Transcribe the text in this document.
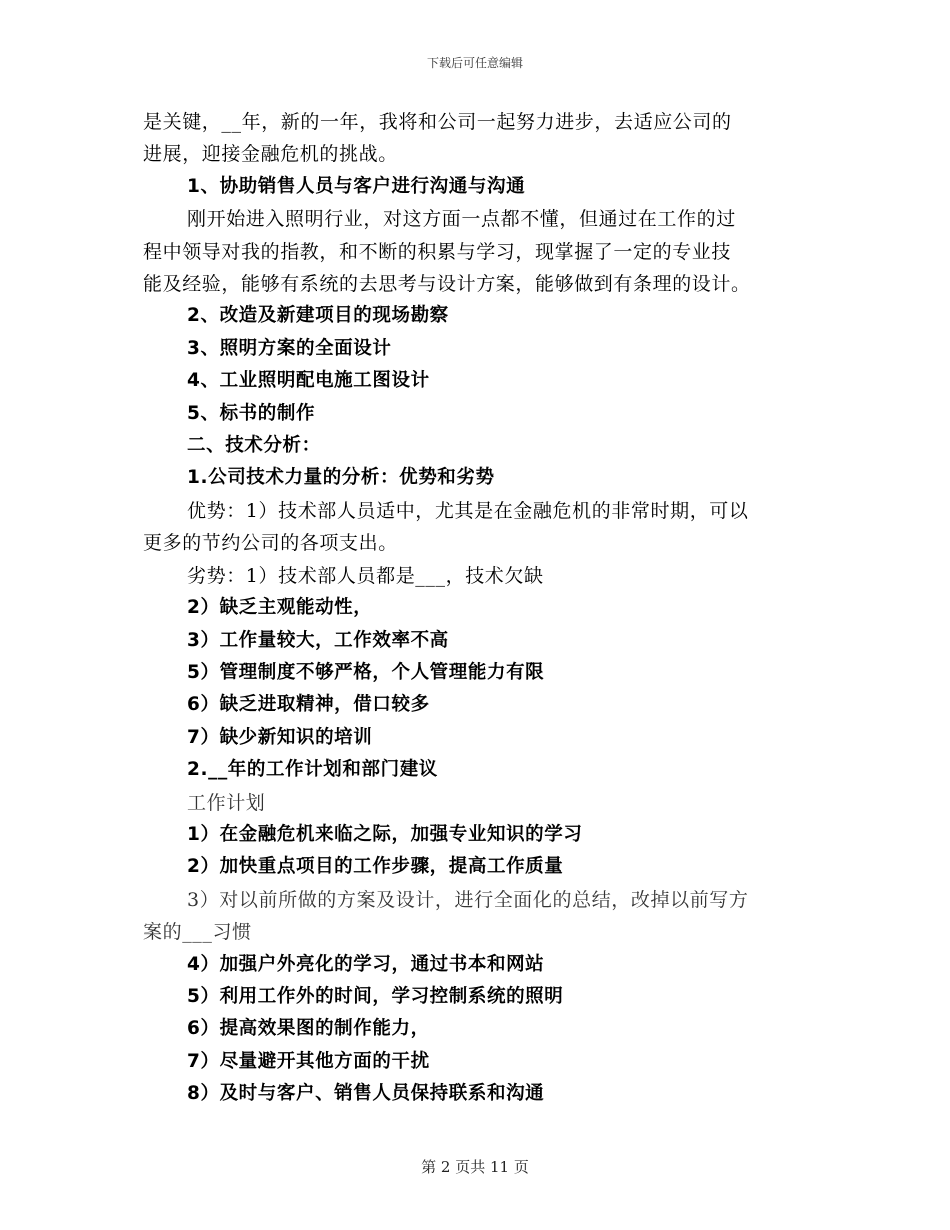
下载后可任意编辑
是关键，__年，新的一年，我将和公司一起努力进步，去适应公司的
进展，迎接金融危机的挑战。
1、协助销售人员与客户进行沟通与沟通
刚开始进入照明行业，对这方面一点都不懂，但通过在工作的过
程中领导对我的指教，和不断的积累与学习，现掌握了一定的专业技
能及经验，能够有系统的去思考与设计方案，能够做到有条理的设计。
2、改造及新建项目的现场勘察
3、照明方案的全面设计
4、工业照明配电施工图设计
5、标书的制作
二、技术分析：
1.公司技术力量的分析：优势和劣势
优势：1）技术部人员适中，尤其是在金融危机的非常时期，可以
更多的节约公司的各项支出。
劣势：1）技术部人员都是___，技术欠缺
2）缺乏主观能动性，
3）工作量较大，工作效率不高
5）管理制度不够严格，个人管理能力有限
6）缺乏进取精神，借口较多
7）缺少新知识的培训
2.__年的工作计划和部门建议
工作计划
1）在金融危机来临之际，加强专业知识的学习
2）加快重点项目的工作步骤，提高工作质量
3）对以前所做的方案及设计，进行全面化的总结，改掉以前写方
案的___习惯
4）加强户外亮化的学习，通过书本和网站
5）利用工作外的时间，学习控制系统的照明
6）提高效果图的制作能力，
7）尽量避开其他方面的干扰
8）及时与客户、销售人员保持联系和沟通
第 2 页共 11 页
